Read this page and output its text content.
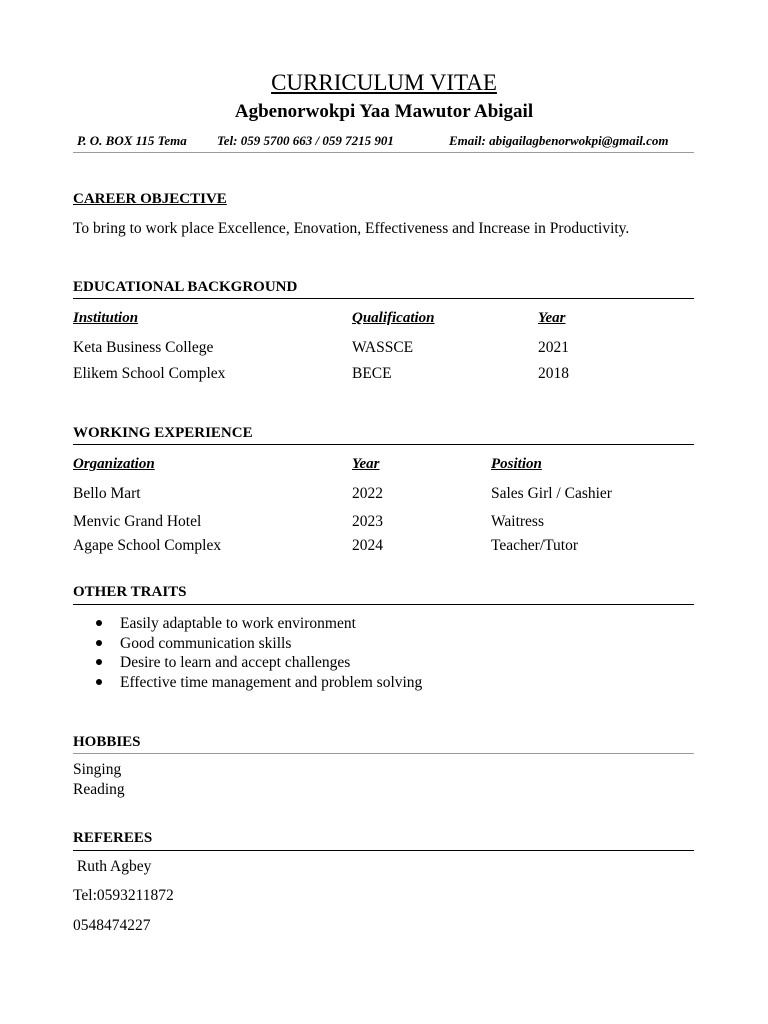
CURRICULUM VITAE
Agbenorwokpi Yaa Mawutor Abigail
P. O. BOX 115 Tema Tel: 059 5700 663 / 059 7215 901	Email: abigailagbenorwokpi@gmail.com
CAREER OBJECTIVE
To bring to work place Excellence, Enovation, Effectiveness and Increase in Productivity.
EDUCATIONAL BACKGROUND
Institution	Qualification	Year
Keta Business College	WASSCE	2021
Elikem School Complex	BECE	2018
WORKING EXPERIENCE
Organization	Year	Position
Bello Mart	2022	Sales Girl / Cashier
Menvic Grand Hotel	2023	Waitress
Agape School Complex	2024	Teacher/Tutor
OTHER TRAITS
Easily adaptable to work environment
Good communication skills
Desire to learn and accept challenges
Effective time management and problem solving
HOBBIES
Singing
Reading
REFEREES
Ruth Agbey
Tel:0593211872
0548474227
